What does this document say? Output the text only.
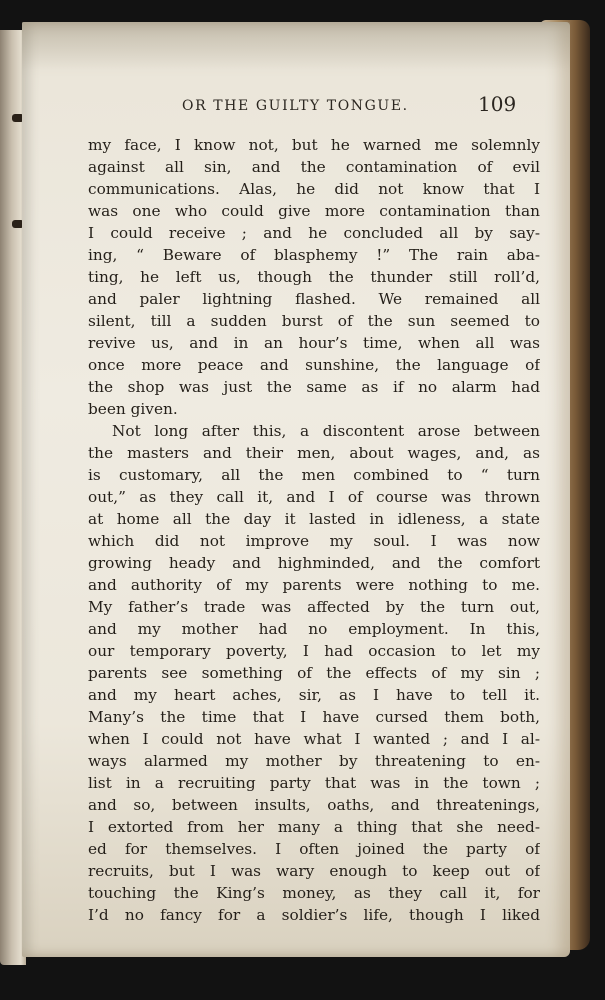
OR THE GUILTY TONGUE.	109
my face, I know not, but he warned me solemnly
against all sin, and the contamination of evil
communications. Alas, he did not know that I
was one who could give more contamination than
I could receive ; and he concluded all by say-
ing, “ Beware of blasphemy !” The rain aba-
ting, he left us, though the thunder still roll’d,
and paler lightning flashed. We remained all
silent, till a sudden burst of the sun seemed to
revive us, and in an hour’s time, when all was
once more peace and sunshine, the language of
the shop was just the same as if no alarm had
been given.
Not long after this, a discontent arose between
the masters and their men, about wages, and, as
is customary, all the men combined to “ turn
out,” as they call it, and I of course was thrown
at home all the day it lasted in idleness, a state
which did not improve my soul. I was now
growing heady and highminded, and the comfort
and authority of my parents were nothing to me.
My father’s trade was affected by the turn out,
and my mother had no employment. In this,
our temporary poverty, I had occasion to let my
parents see something of the effects of my sin ;
and my heart aches, sir, as I have to tell it.
Many’s the time that I have cursed them both,
when I could not have what I wanted ; and I al-
ways alarmed my mother by threatening to en-
list in a recruiting party that was in the town ;
and so, between insults, oaths, and threatenings,
I extorted from her many a thing that she need-
ed for themselves. I often joined the party of
recruits, but I was wary enough to keep out of
touching the King’s money, as they call it, for
I’d no fancy for a soldier’s life, though I liked
